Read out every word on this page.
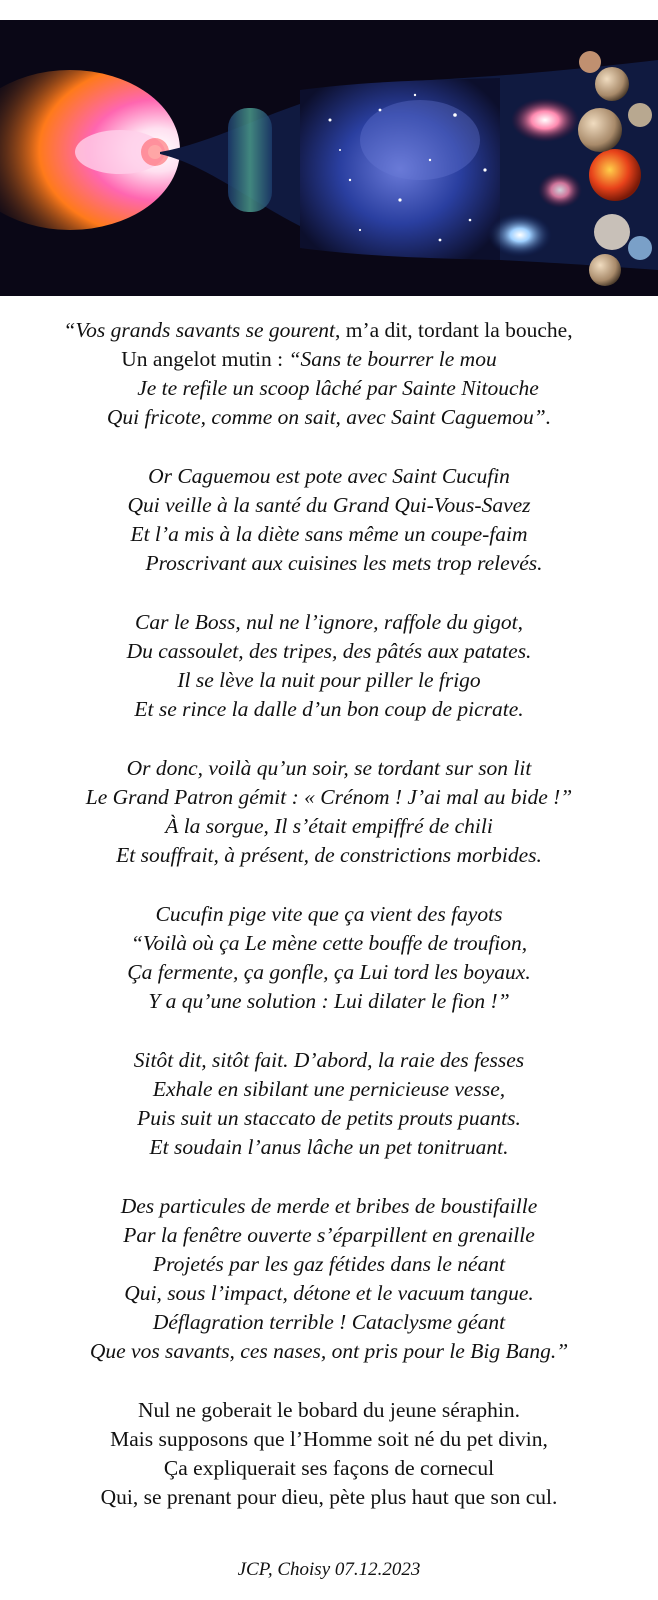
“Vos grands savants se gourent, m’a dit, tordant la bouche,
Un angelot mutin : “Sans te bourrer le mou
Je te refile un scoop lâché par Sainte Nitouche
Qui fricote, comme on sait, avec Saint Caguemou”.
Or Caguemou est pote avec Saint Cucufin
Qui veille à la santé du Grand Qui-Vous-Savez
Et l’a mis à la diète sans même un coupe-faim
Proscrivant aux cuisines les mets trop relevés.
Car le Boss, nul ne l’ignore, raffole du gigot,
Du cassoulet, des tripes, des pâtés aux patates.
Il se lève la nuit pour piller le frigo
Et se rince la dalle d’un bon coup de picrate.
Or donc, voilà qu’un soir, se tordant sur son lit
Le Grand Patron gémit : « Crénom ! J’ai mal au bide !”
À la sorgue, Il s’était empiffré de chili
Et souffrait, à présent, de constrictions morbides.
Cucufin pige vite que ça vient des fayots
“Voilà où ça Le mène cette bouffe de troufion,
Ça fermente, ça gonfle, ça Lui tord les boyaux.
Y a qu’une solution : Lui dilater le fion !”
Sitôt dit, sitôt fait. D’abord, la raie des fesses
Exhale en sibilant une pernicieuse vesse,
Puis suit un staccato de petits prouts puants.
Et soudain l’anus lâche un pet tonitruant.
Des particules de merde et bribes de boustifaille
Par la fenêtre ouverte s’éparpillent en grenaille
Projetés par les gaz fétides dans le néant
Qui, sous l’impact, détone et le vacuum tangue.
Déflagration terrible ! Cataclysme géant
Que vos savants, ces nases, ont pris pour le Big Bang.”
Nul ne goberait le bobard du jeune séraphin.
Mais supposons que l’Homme soit né du pet divin,
Ça expliquerait ses façons de cornecul
Qui, se prenant pour dieu, pète plus haut que son cul.
JCP, Choisy 07.12.2023
